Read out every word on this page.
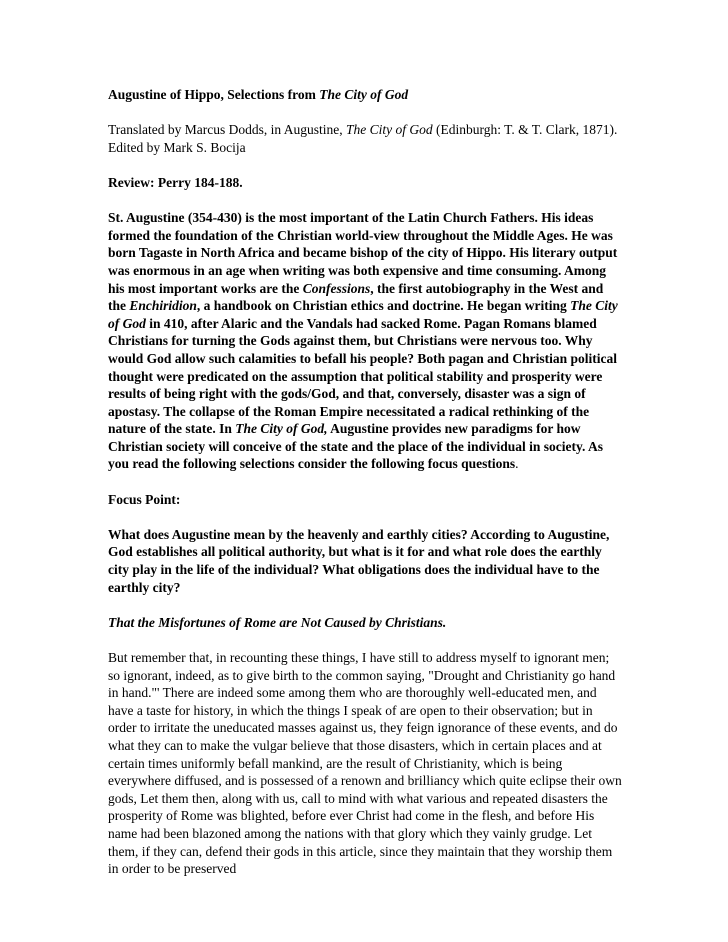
Augustine of Hippo, Selections from The City of God

Translated by Marcus Dodds, in Augustine, The City of God (Edinburgh: T. & T. Clark, 1871). Edited by Mark S. Bocija

Review: Perry 184-188.

St. Augustine (354-430) is the most important of the Latin Church Fathers. His ideas formed the foundation of the Christian world-view throughout the Middle Ages. He was born Tagaste in North Africa and became bishop of the city of Hippo. His literary output was enormous in an age when writing was both expensive and time consuming. Among his most important works are the Confessions, the first autobiography in the West and the Enchiridion, a handbook on Christian ethics and doctrine. He began writing The City of God in 410, after Alaric and the Vandals had sacked Rome. Pagan Romans blamed Christians for turning the Gods against them, but Christians were nervous too. Why would God allow such calamities to befall his people? Both pagan and Christian political thought were predicated on the assumption that political stability and prosperity were results of being right with the gods/God, and that, conversely, disaster was a sign of apostasy. The collapse of the Roman Empire necessitated a radical rethinking of the nature of the state. In The City of God, Augustine provides new paradigms for how Christian society will conceive of the state and the place of the individual in society. As you read the following selections consider the following focus questions.

Focus Point:

What does Augustine mean by the heavenly and earthly cities? According to Augustine, God establishes all political authority, but what is it for and what role does the earthly city play in the life of the individual? What obligations does the individual have to the earthly city?

That the Misfortunes of Rome are Not Caused by Christians.

But remember that, in recounting these things, I have still to address myself to ignorant men; so ignorant, indeed, as to give birth to the common saying, "Drought and Christianity go hand in hand."' There are indeed some among them who are thoroughly well-educated men, and have a taste for history, in which the things I speak of are open to their observation; but in order to irritate the uneducated masses against us, they feign ignorance of these events, and do what they can to make the vulgar believe that those disasters, which in certain places and at certain times uniformly befall mankind, are the result of Christianity, which is being everywhere diffused, and is possessed of a renown and brilliancy which quite eclipse their own gods, Let them then, along with us, call to mind with what various and repeated disasters the prosperity of Rome was blighted, before ever Christ had come in the flesh, and before His name had been blazoned among the nations with that glory which they vainly grudge. Let them, if they can, defend their gods in this article, since they maintain that they worship them in order to be preserved
